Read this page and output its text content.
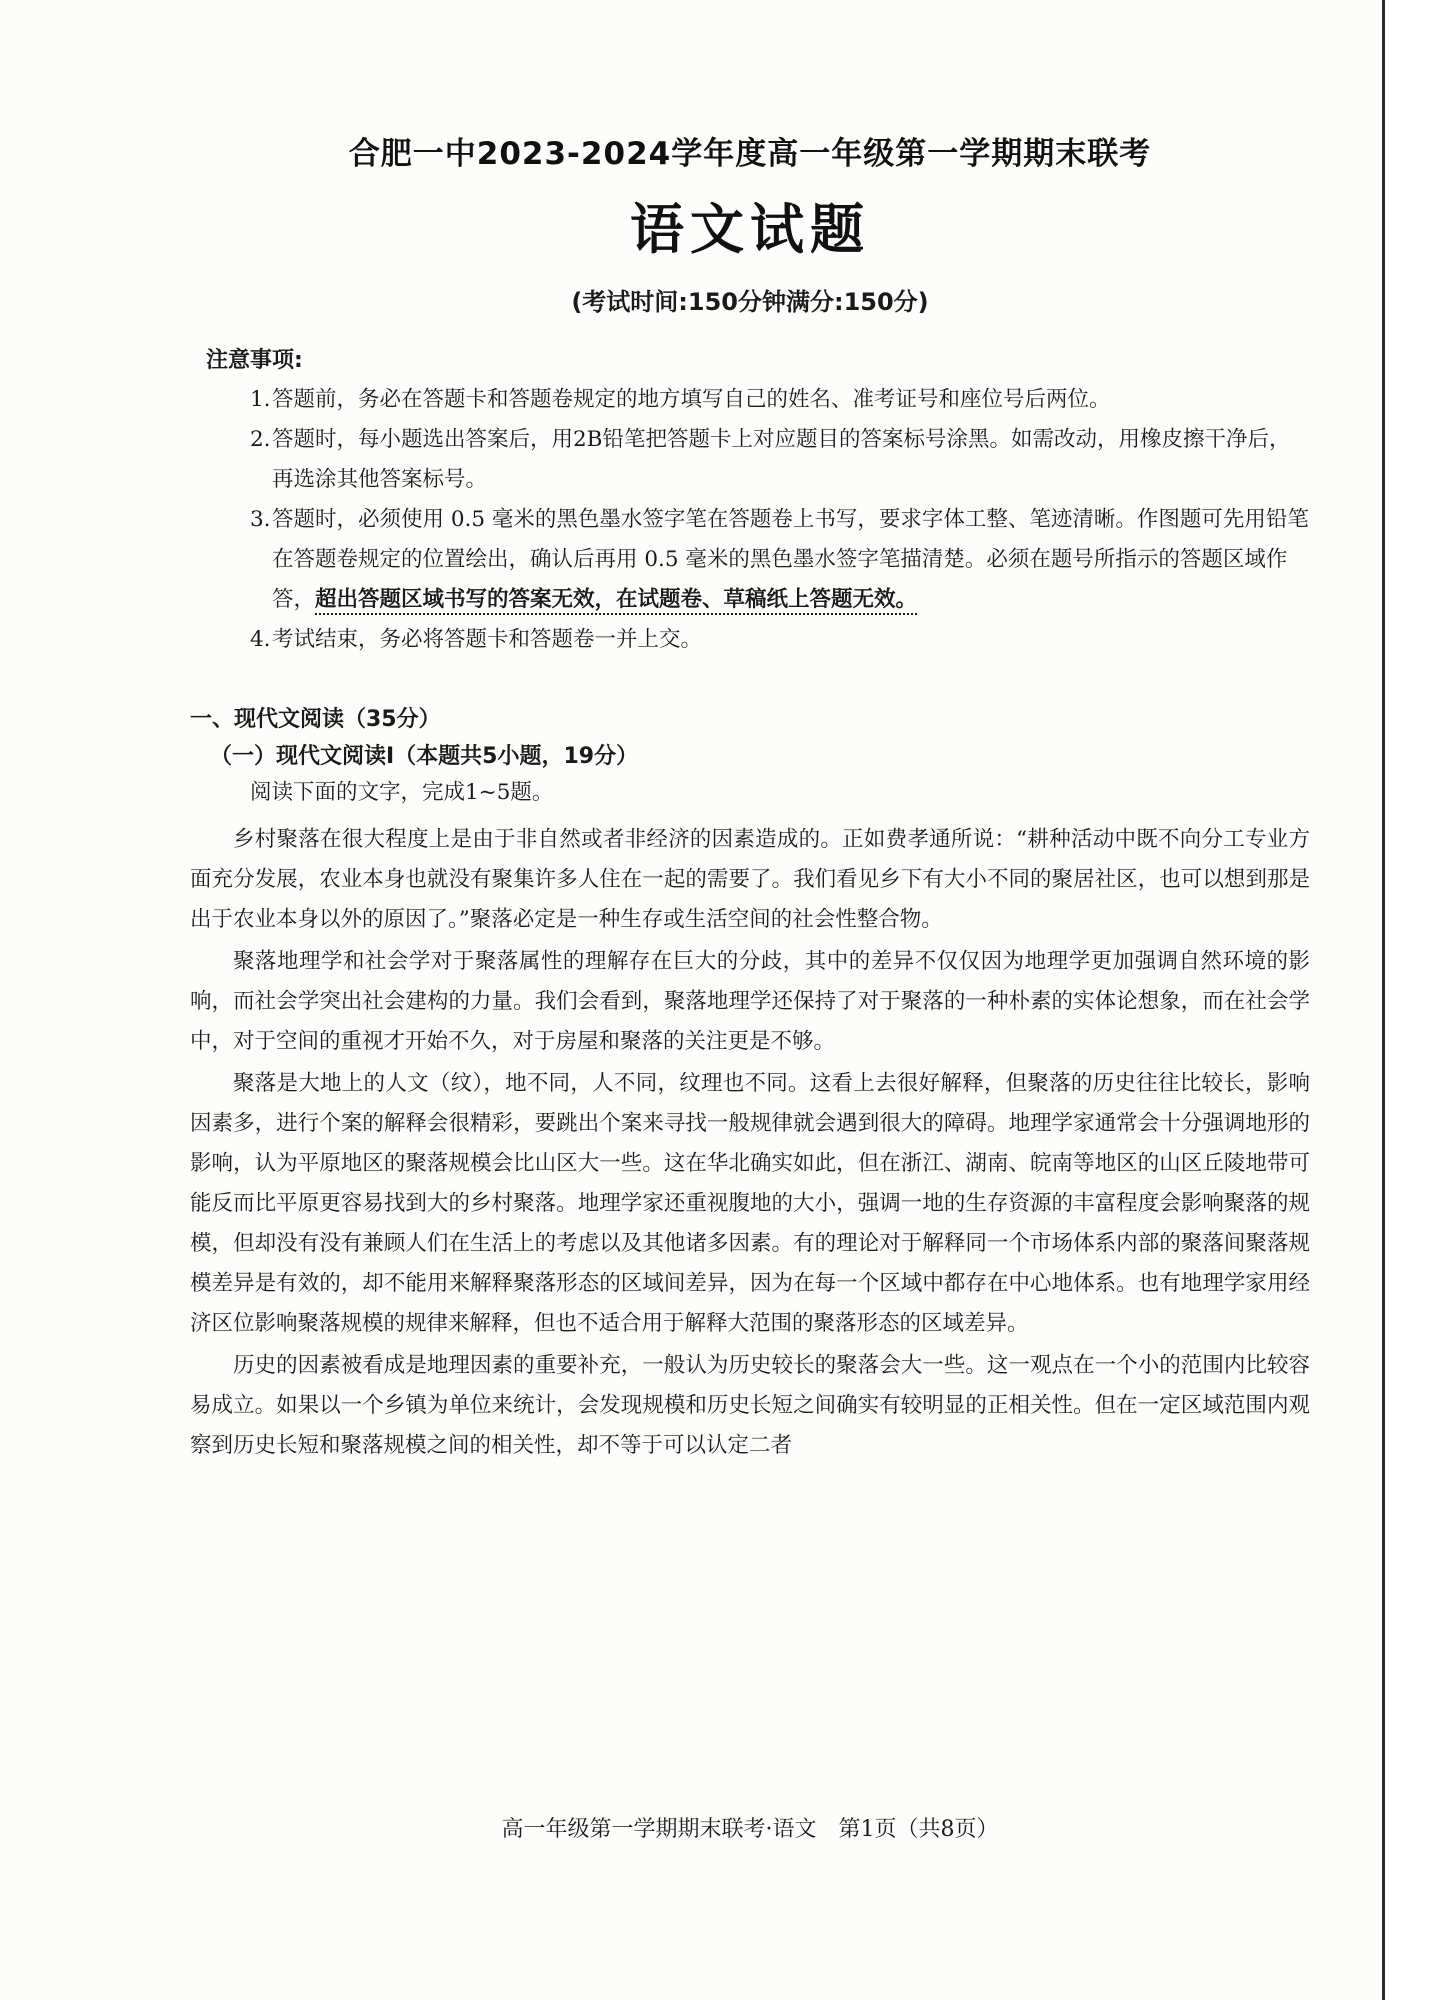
合肥一中2023-2024学年度高一年级第一学期期末联考
语文试题
(考试时间:150分钟满分:150分)
注意事项:
1. 答题前，务必在答题卡和答题卷规定的地方填写自己的姓名、准考证号和座位号后两位。
2. 答题时，每小题选出答案后，用2B铅笔把答题卡上对应题目的答案标号涂黑。如需改动，用橡皮擦干净后，再选涂其他答案标号。
3. 答题时，必须使用 0.5 毫米的黑色墨水签字笔在答题卷上书写，要求字体工整、笔迹清晰。作图题可先用铅笔在答题卷规定的位置绘出，确认后再用 0.5 毫米的黑色墨水签字笔描清楚。必须在题号所指示的答题区域作答，超出答题区域书写的答案无效，在试题卷、草稿纸上答题无效。
4. 考试结束，务必将答题卡和答题卷一并上交。
一、现代文阅读（35分）
（一）现代文阅读Ⅰ（本题共5小题，19分）
阅读下面的文字，完成1~5题。

乡村聚落在很大程度上是由于非自然或者非经济的因素造成的。正如费孝通所说：“耕种活动中既不向分工专业方面充分发展，农业本身也就没有聚集许多人住在一起的需要了。我们看见乡下有大小不同的聚居社区，也可以想到那是出于农业本身以外的原因了。”聚落必定是一种生存或生活空间的社会性整合物。

聚落地理学和社会学对于聚落属性的理解存在巨大的分歧，其中的差异不仅仅因为地理学更加强调自然环境的影响，而社会学突出社会建构的力量。我们会看到，聚落地理学还保持了对于聚落的一种朴素的实体论想象，而在社会学中，对于空间的重视才开始不久，对于房屋和聚落的关注更是不够。

聚落是大地上的人文（纹），地不同，人不同，纹理也不同。这看上去很好解释，但聚落的历史往往比较长，影响因素多，进行个案的解释会很精彩，要跳出个案来寻找一般规律就会遇到很大的障碍。地理学家通常会十分强调地形的影响，认为平原地区的聚落规模会比山区大一些。这在华北确实如此，但在浙江、湖南、皖南等地区的山区丘陵地带可能反而比平原更容易找到大的乡村聚落。地理学家还重视腹地的大小，强调一地的生存资源的丰富程度会影响聚落的规模，但却没有没有兼顾人们在生活上的考虑以及其他诸多因素。有的理论对于解释同一个市场体系内部的聚落间聚落规模差异是有效的，却不能用来解释聚落形态的区域间差异，因为在每一个区域中都存在中心地体系。也有地理学家用经济区位影响聚落规模的规律来解释，但也不适合用于解释大范围的聚落形态的区域差异。

历史的因素被看成是地理因素的重要补充，一般认为历史较长的聚落会大一些。这一观点在一个小的范围内比较容易成立。如果以一个乡镇为单位来统计，会发现规模和历史长短之间确实有较明显的正相关性。但在一定区域范围内观察到历史长短和聚落规模之间的相关性，却不等于可以认定二者

高一年级第一学期期末联考·语文　第1页（共8页）
